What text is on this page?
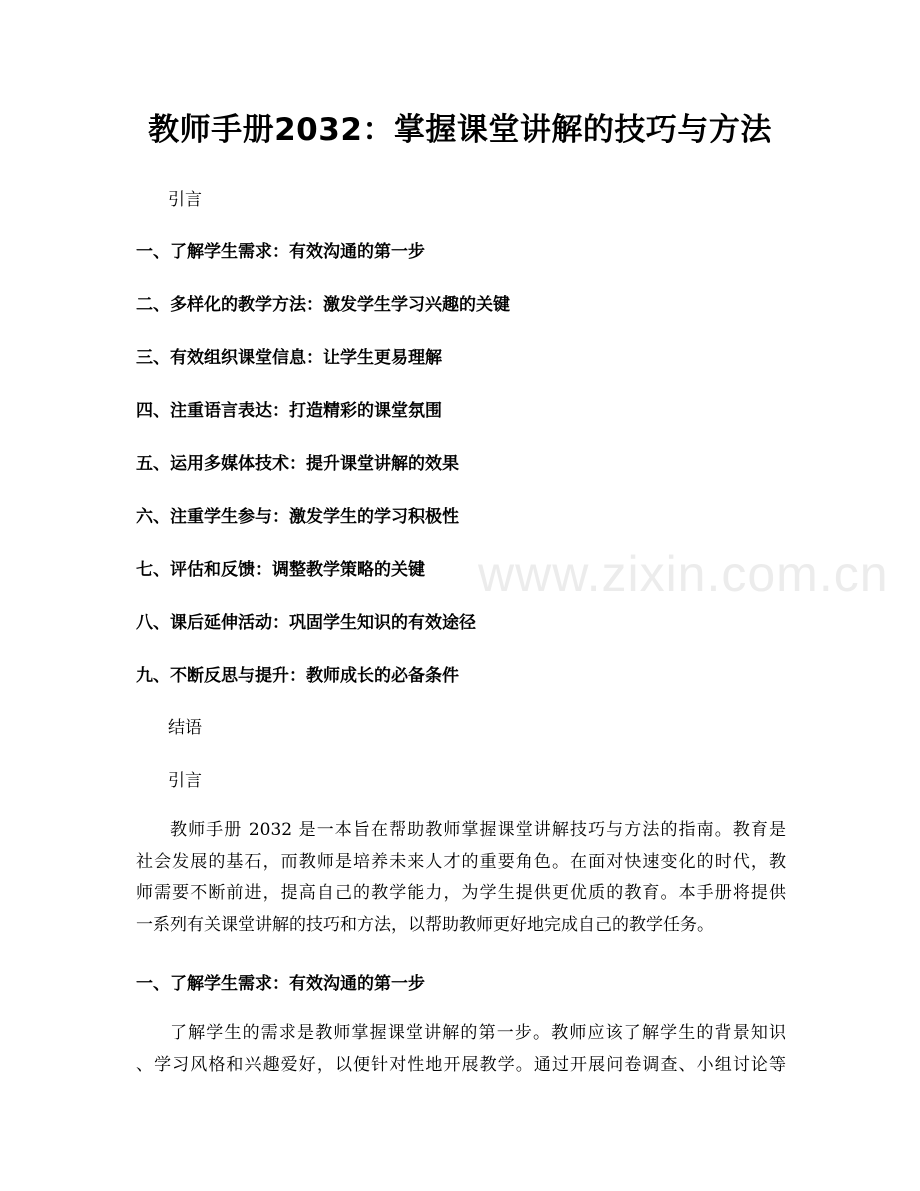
教师手册2032：掌握课堂讲解的技巧与方法

引言

一、了解学生需求：有效沟通的第一步

二、多样化的教学方法：激发学生学习兴趣的关键

三、有效组织课堂信息：让学生更易理解

四、注重语言表达：打造精彩的课堂氛围

五、运用多媒体技术：提升课堂讲解的效果

六、注重学生参与：激发学生的学习积极性

七、评估和反馈：调整教学策略的关键

八、课后延伸活动：巩固学生知识的有效途径

九、不断反思与提升：教师成长的必备条件

结语

引言

教师手册 2032 是一本旨在帮助教师掌握课堂讲解技巧与方法的指南。教育是
社会发展的基石，而教师是培养未来人才的重要角色。在面对快速变化的时代，教
师需要不断前进，提高自己的教学能力，为学生提供更优质的教育。本手册将提供
一系列有关课堂讲解的技巧和方法，以帮助教师更好地完成自己的教学任务。

一、了解学生需求：有效沟通的第一步

了解学生的需求是教师掌握课堂讲解的第一步。教师应该了解学生的背景知识
、学习风格和兴趣爱好，以便针对性地开展教学。通过开展问卷调查、小组讨论等
www.zixin.com.cn
